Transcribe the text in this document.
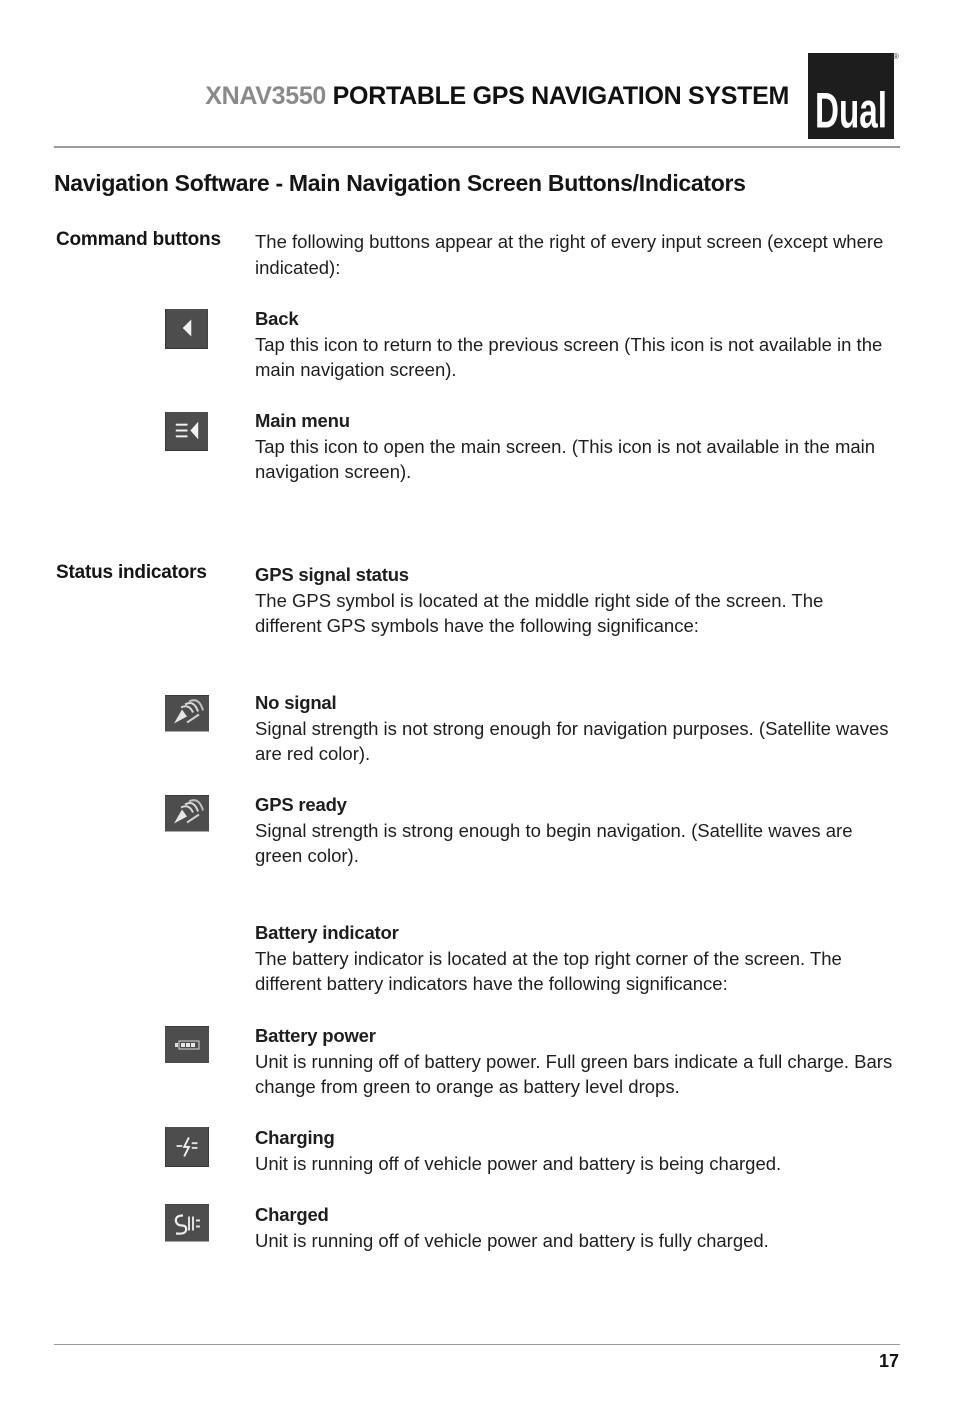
XNAV3550 PORTABLE GPS NAVIGATION SYSTEM Dual
®
Navigation Software - Main Navigation Screen Buttons/Indicators
Command buttons The following buttons appear at the right of every input screen (except where indicated):
Back
Tap this icon to return to the previous screen (This icon is not available in the main navigation screen).
Main menu
Tap this icon to open the main screen. (This icon is not available in the main navigation screen).
Status indicators	GPS signal status
The GPS symbol is located at the middle right side of the screen. The different GPS symbols have the following significance:
No signal
Signal strength is not strong enough for navigation purposes. (Satellite waves are red color).
GPS ready
Signal strength is strong enough to begin navigation. (Satellite waves are green color).
Battery indicator
The battery indicator is located at the top right corner of the screen. The different battery indicators have the following significance:
Battery power
Unit is running off of battery power. Full green bars indicate a full charge. Bars change from green to orange as battery level drops.
Charging
Unit is running off of vehicle power and battery is being charged.
Charged
Unit is running off of vehicle power and battery is fully charged.
17
